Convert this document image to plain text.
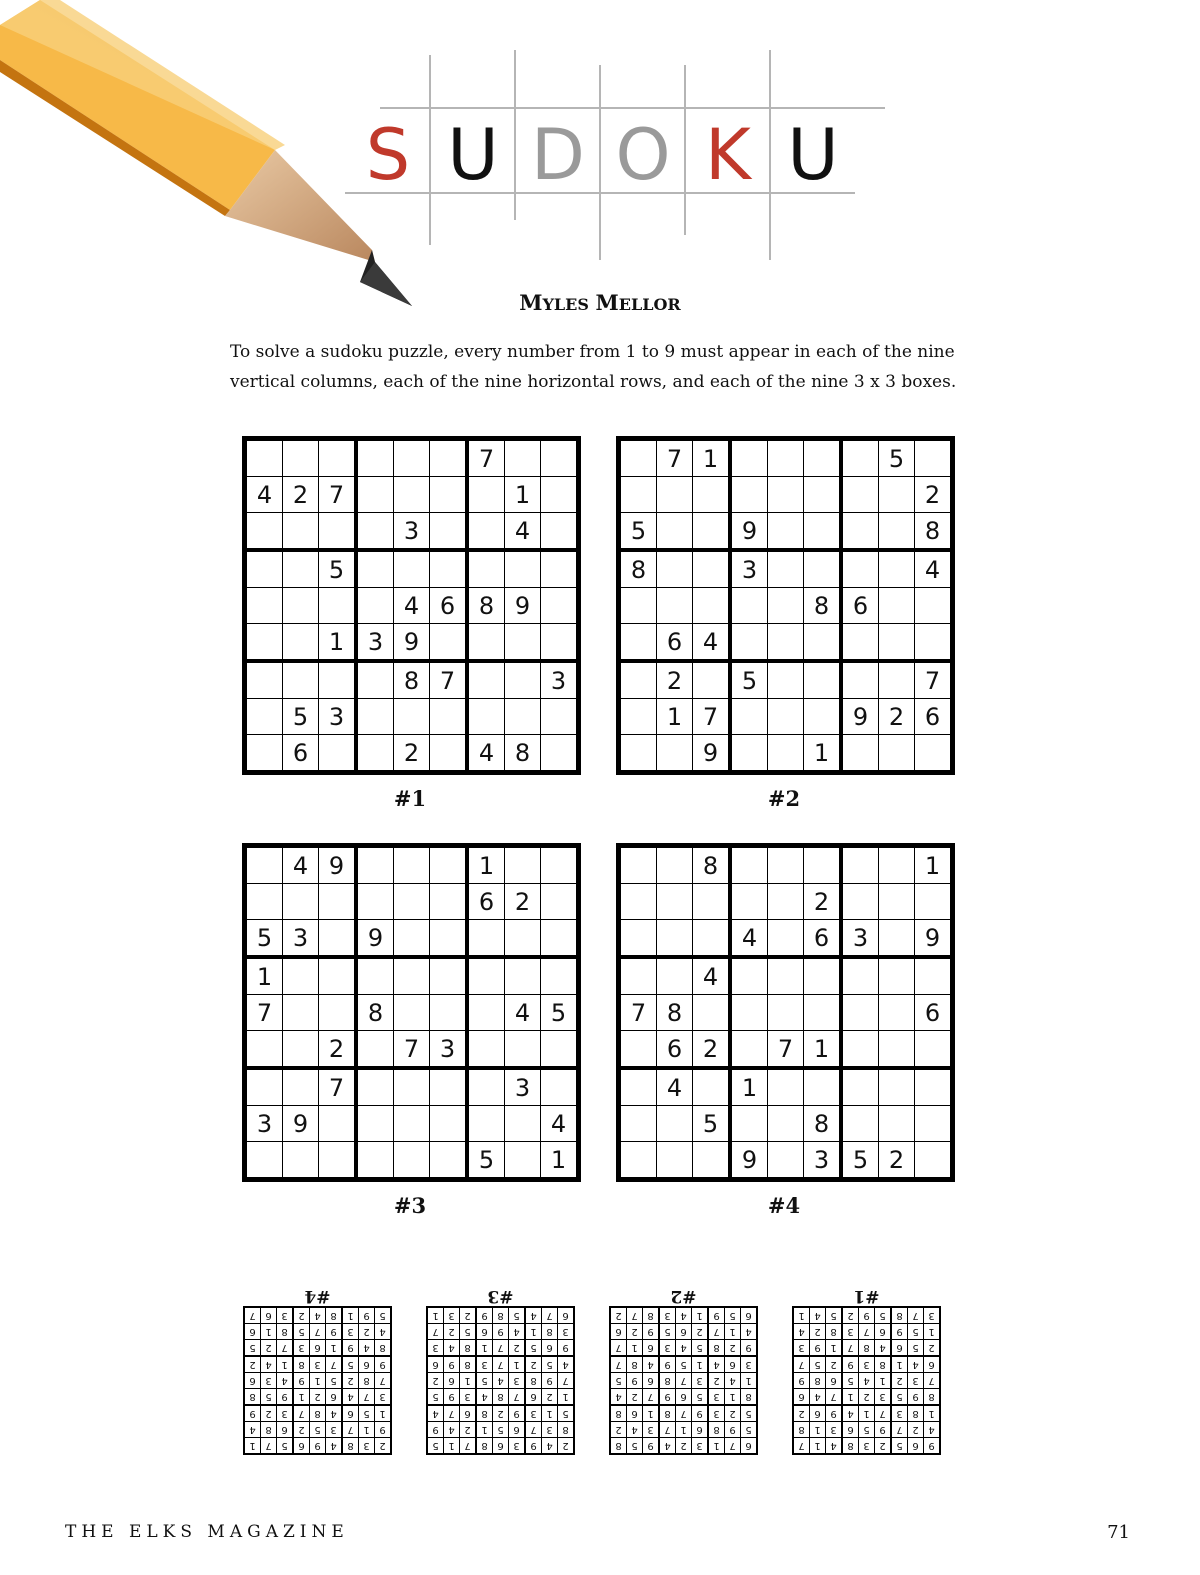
S U D O K U
MYLES MELLOR
To solve a sudoku puzzle, every number from 1 to 9 must appear in each of the nine vertical columns, each of the nine horizontal rows, and each of the nine 3 x 3 boxes.
						7		
4	2	7					1	
				3			4	
		5						
				4	6	8	9	
		1	3	9				
				8	7			3
	5	3						
	6			2		4	8	
#1
	7	1					5	
								2
5			9					8
8			3					4
					8	6		
	6	4						
	2		5					7
	1	7				9	2	6
		9			1			
#2
	4	9				1		
						6	2	
5	3		9					
1								
7			8				4	5
		2		7	3			
		7					3	
3	9							4
						5		1
#3
		8						1
					2			
			4		6	3		9
		4						
7	8							6
	6	2		7	1			
	4		1					
		5			8			
			9		3	5	2	
#4
2	3	8	4	9	6	5	7	1
9	1	7	3	5	2	6	8	4
1	5	6	4	8	7	3	2	9
3	7	4	6	2	1	9	5	8
7	8	2	5	1	9	4	3	6
9	6	5	7	3	8	1	4	2
8	4	9	1	6	3	7	2	5
4	2	3	9	7	5	8	1	6
5	9	1	8	4	2	3	6	7
#4
2	4	9	3	6	8	7	1	5
8	3	7	6	5	1	2	4	9
5	1	3	9	2	8	6	7	4
1	2	6	7	8	4	3	9	5
7	9	8	3	4	5	1	6	2
4	5	2	1	7	3	8	9	6
9	6	5	2	7	1	8	4	3
3	8	1	4	9	6	5	2	7
6	7	4	5	8	9	2	3	1
#3
6	7	1	3	2	4	9	5	8
5	9	8	6	1	7	3	4	2
5	2	3	9	7	8	1	6	8
8	1	3	5	6	9	7	2	4
1	4	2	3	7	8	6	9	5
3	6	4	1	5	9	4	8	7
9	2	8	5	4	3	6	1	7
4	1	7	2	6	5	9	2	6
6	5	9	1	4	3	8	7	2
#2
9	6	5	2	3	8	4	1	7
4	2	7	9	5	6	3	1	8
1	8	3	7	1	4	9	6	2
8	9	5	3	2	1	7	4	6
7	3	2	1	4	5	6	8	9
6	4	1	8	3	9	2	5	7
2	5	6	4	8	7	1	9	3
1	5	9	6	7	3	8	2	4
3	7	8	5	9	2	5	4	1
#1
THE ELKS MAGAZINE	71
